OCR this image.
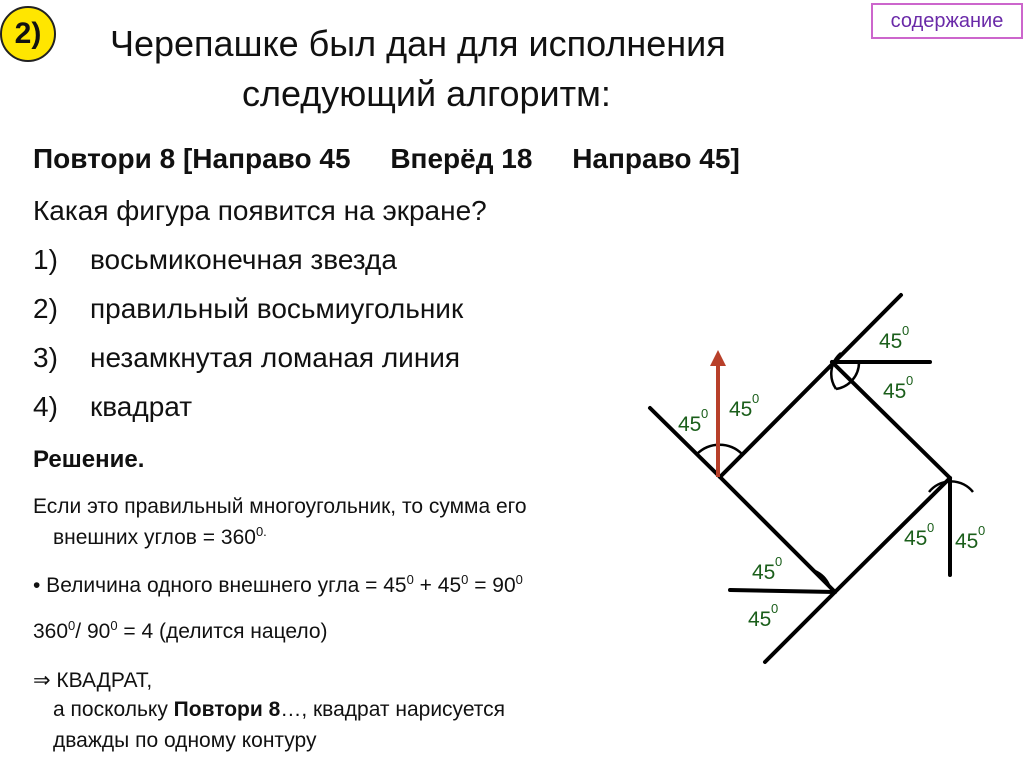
2)	содержание
Черепашке был дан для исполнения
следующий алгоритм:
Повтори 8 [Направо 45 Вперёд 18 Направо 45]
Какая фигура появится на экране?
1) восьмиконечная звезда
2) правильный восьмиугольник
3) незамкнутая ломаная линия
4) квадрат
Решение.
Если это правильный многоугольник, то сумма его
внешних углов = $360^{0.}$
• Величина одного внешнего угла = $45^0 + 45^0 = 90^0$
$360^0/$ $90^0 = 4$ (делится нацело)
⇒ КВАДРАТ,
а поскольку Повтори 8…, квадрат нарисуется
дважды по одному контуру
45 0 45 0
45 0
45 0
45 0
45 0
45 0
45 0
